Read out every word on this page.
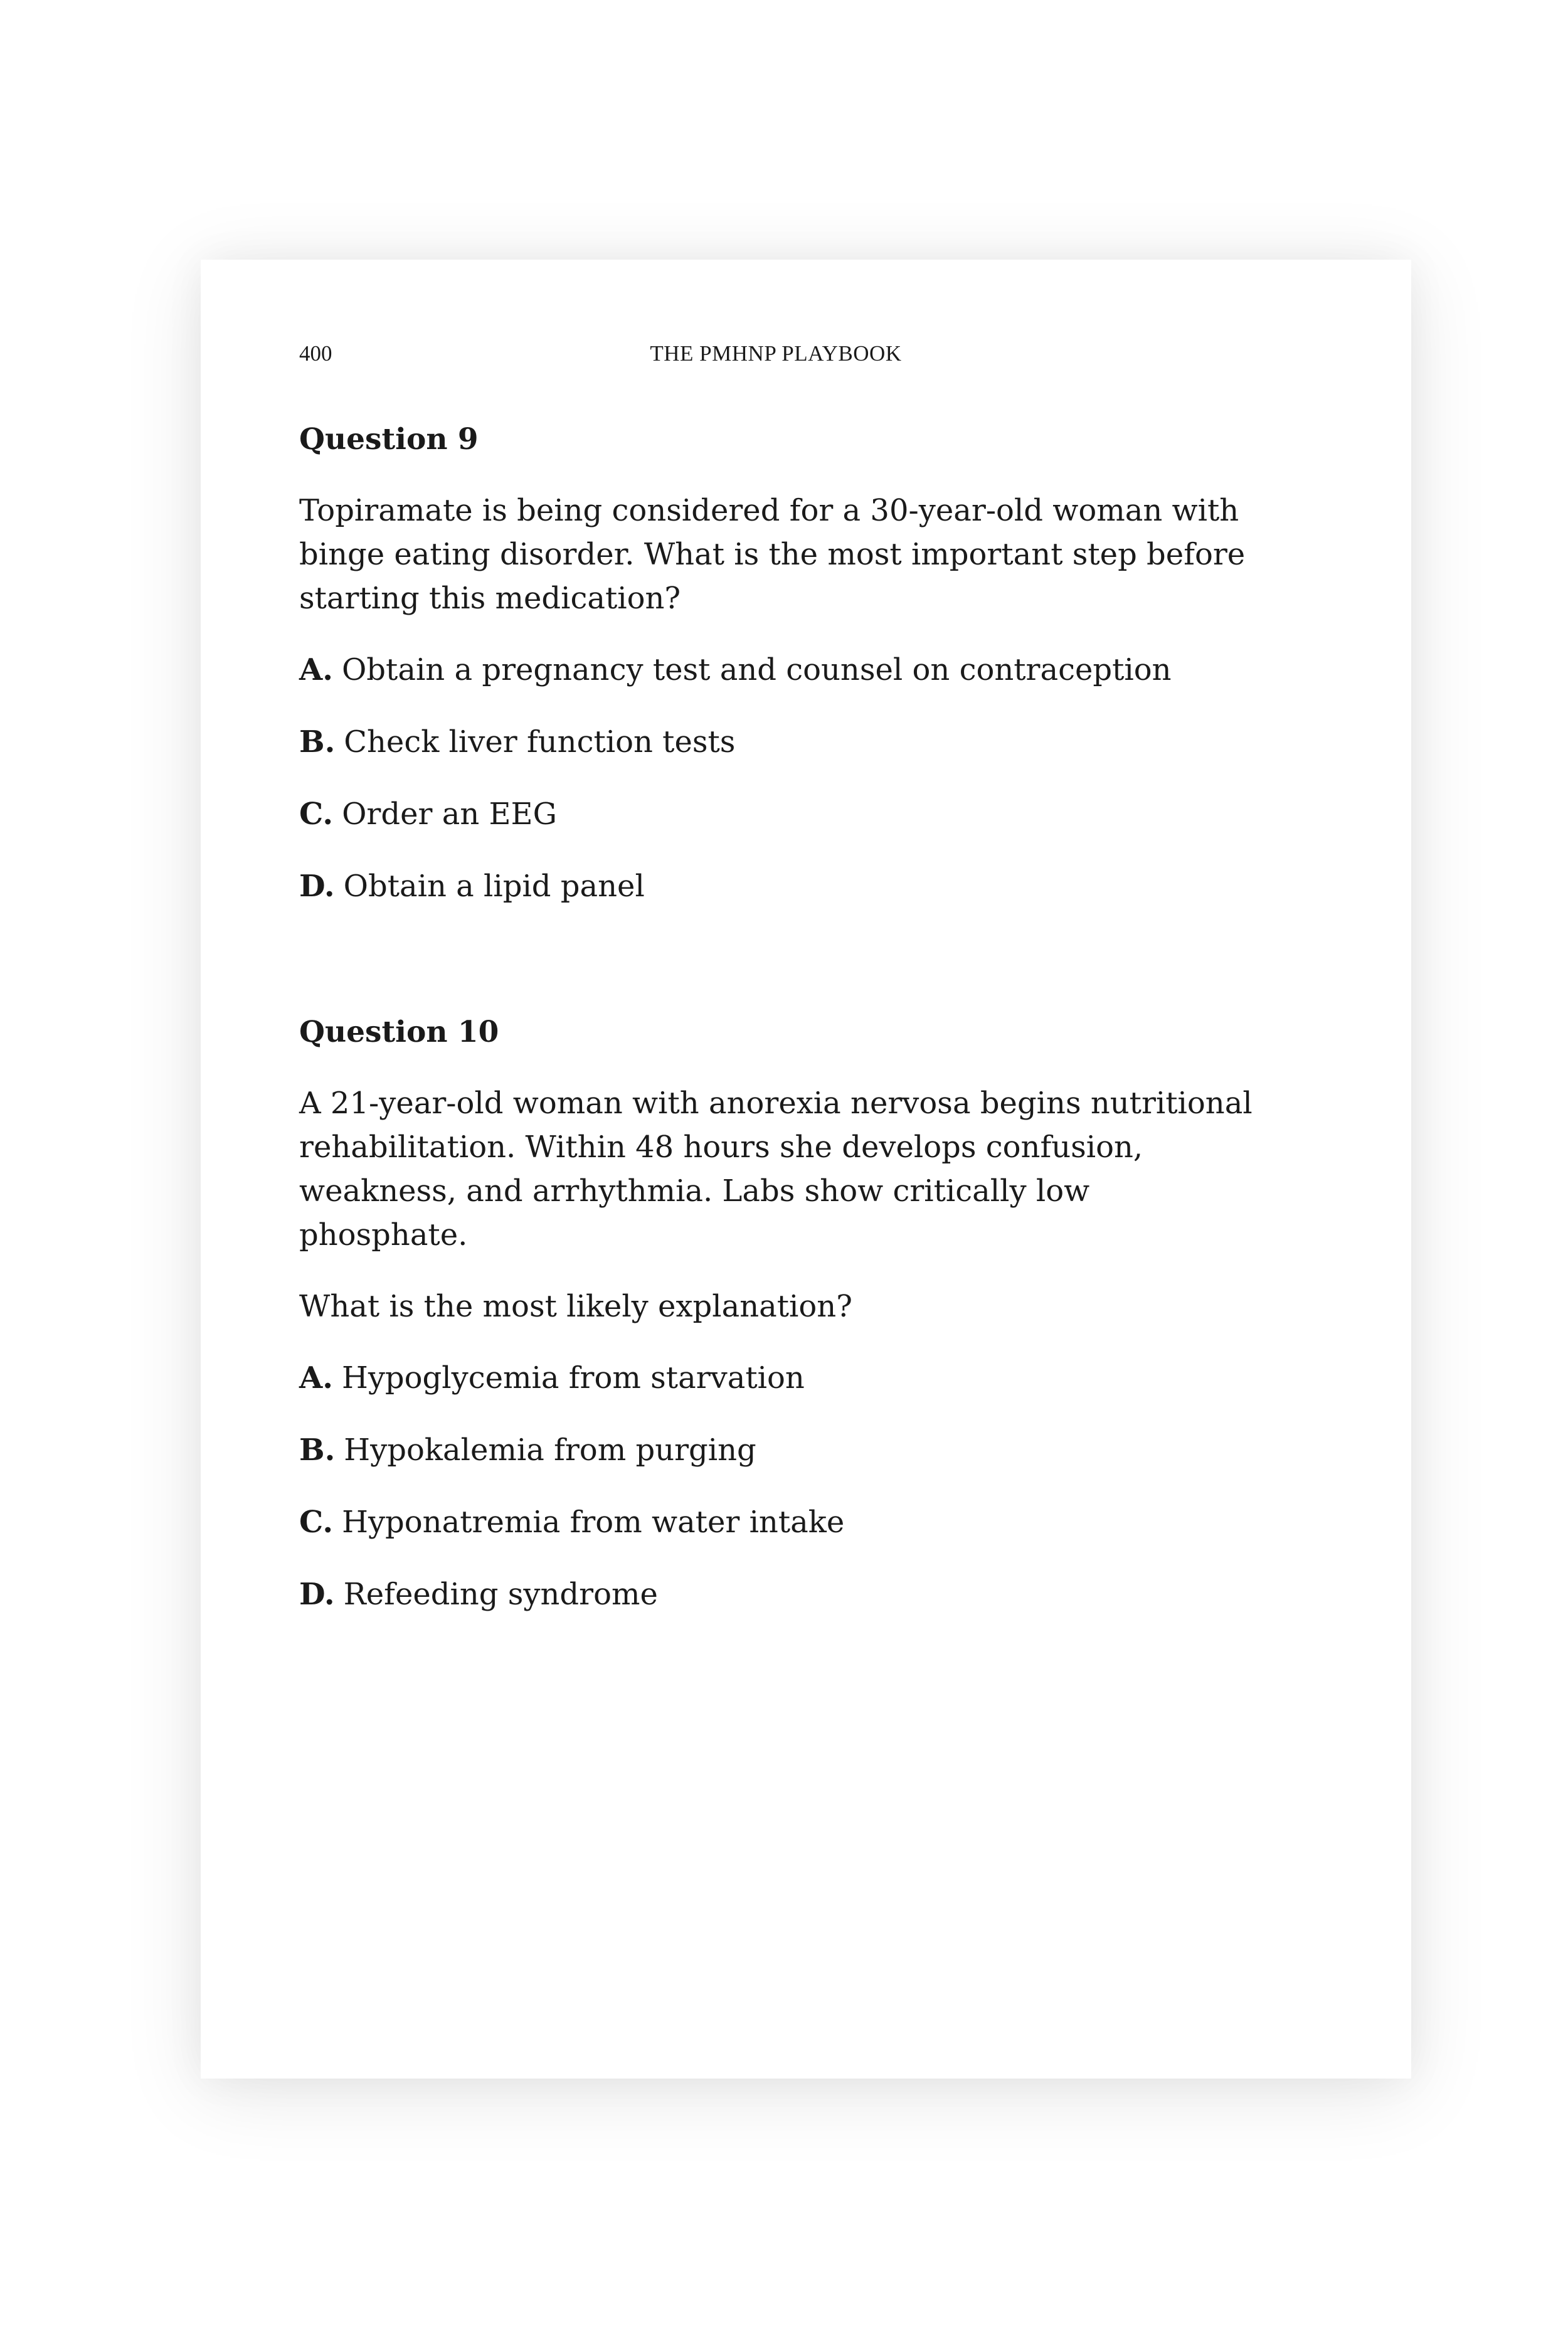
400	THE PMHNP PLAYBOOK
Question 9

Topiramate is being considered for a 30-year-old woman with binge eating disorder. What is the most important step before starting this medication?

A. Obtain a pregnancy test and counsel on contraception
B. Check liver function tests
C. Order an EEG
D. Obtain a lipid panel
Question 10

A 21-year-old woman with anorexia nervosa begins nutritional rehabilitation. Within 48 hours she develops confusion, weakness, and arrhythmia. Labs show critically low phosphate.

What is the most likely explanation?

A. Hypoglycemia from starvation
B. Hypokalemia from purging
C. Hyponatremia from water intake
D. Refeeding syndrome
